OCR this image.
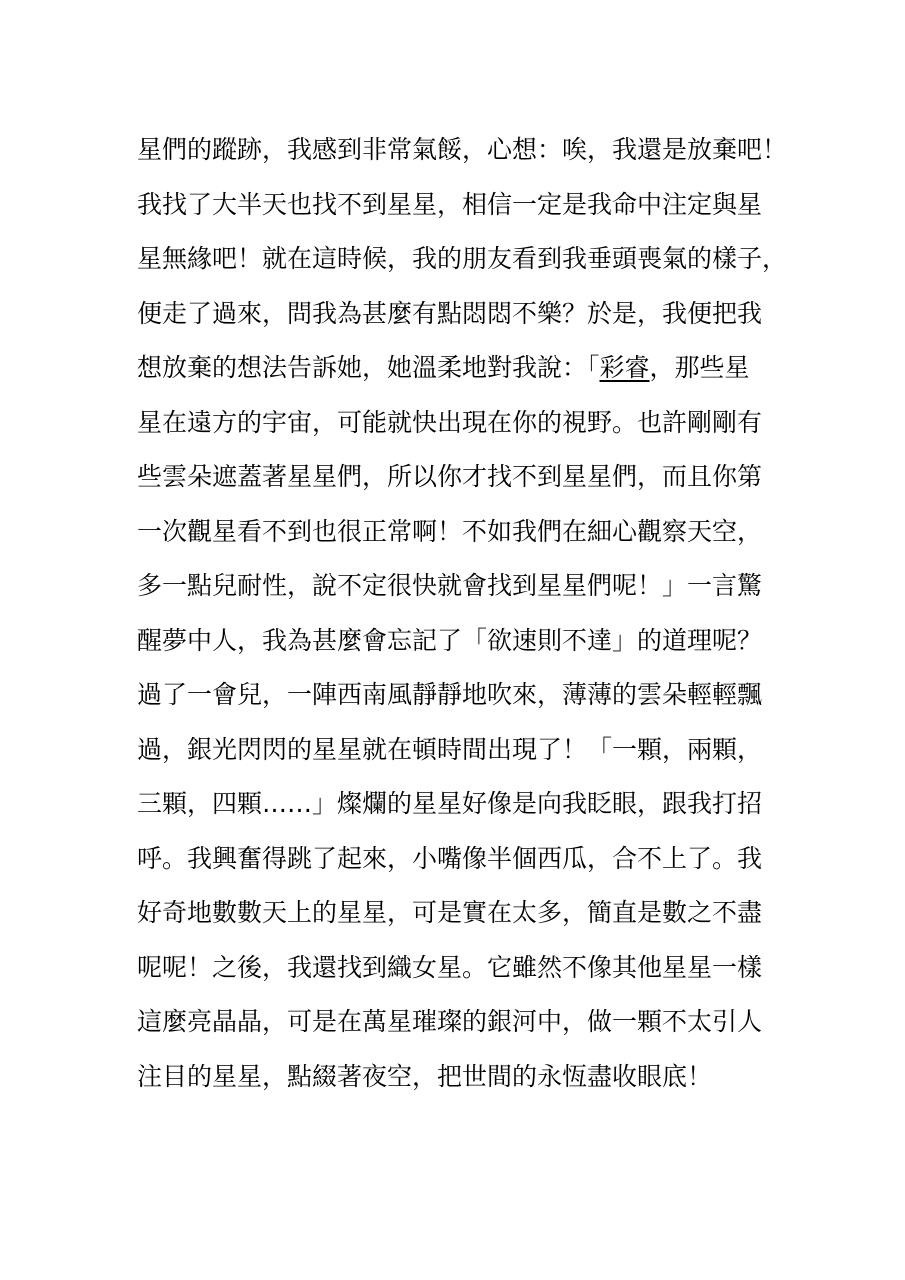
星們的蹤跡，我感到非常氣餒，心想：唉，我還是放棄吧！
我找了大半天也找不到星星，相信一定是我命中注定與星
星無緣吧！就在這時候，我的朋友看到我垂頭喪氣的樣子，
便走了過來，問我為甚麼有點悶悶不樂？於是，我便把我
想放棄的想法告訴她，她溫柔地對我說：「彩睿，那些星
星在遠方的宇宙，可能就快出現在你的視野。也許剛剛有
些雲朵遮蓋著星星們，所以你才找不到星星們，而且你第
一次觀星看不到也很正常啊！不如我們在細心觀察天空，
多一點兒耐性，說不定很快就會找到星星們呢！」一言驚
醒夢中人，我為甚麼會忘記了「欲速則不達」的道理呢？
過了一會兒，一陣西南風靜靜地吹來，薄薄的雲朵輕輕飄
過，銀光閃閃的星星就在頓時間出現了！「一顆，兩顆，
三顆，四顆……」燦爛的星星好像是向我眨眼，跟我打招
呼。我興奮得跳了起來，小嘴像半個西瓜，合不上了。我
好奇地數數天上的星星，可是實在太多，簡直是數之不盡
呢呢！之後，我還找到織女星。它雖然不像其他星星一樣
這麼亮晶晶，可是在萬星璀璨的銀河中，做一顆不太引人
注目的星星，點綴著夜空，把世間的永恆盡收眼底！
